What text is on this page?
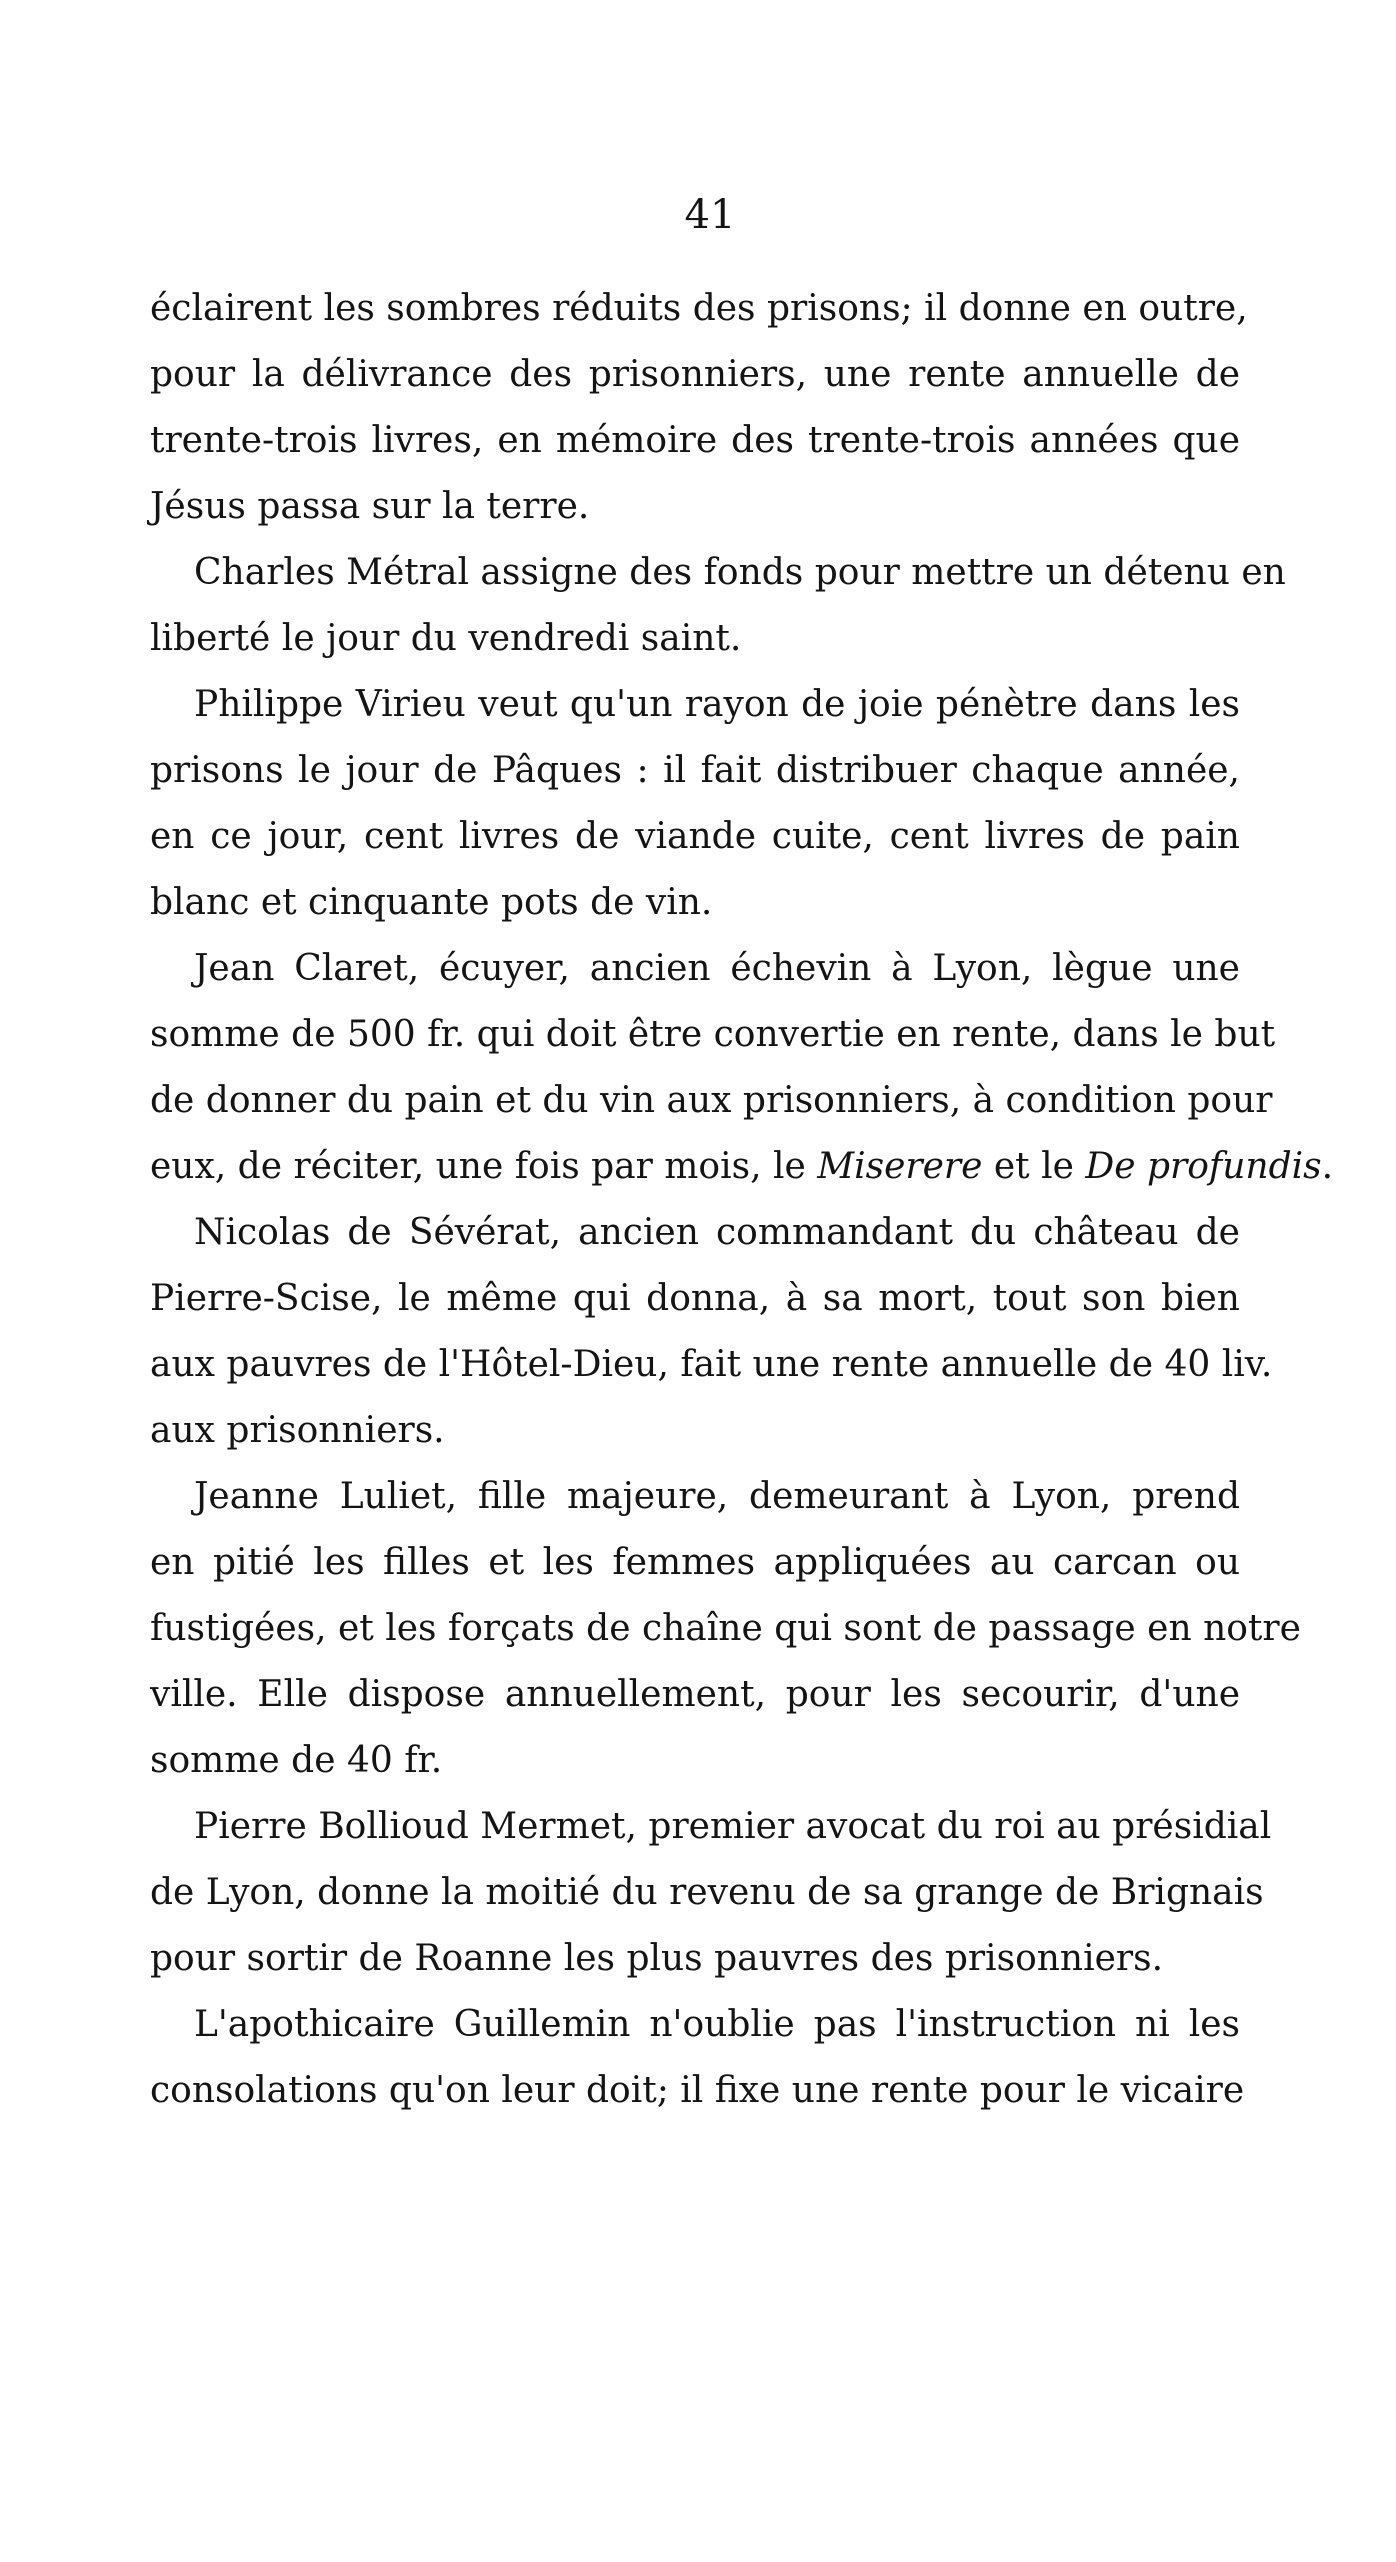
41
éclairent les sombres réduits des prisons; il donne en outre,
pour la délivrance des prisonniers, une rente annuelle de
trente-trois livres, en mémoire des trente-trois années que
Jésus passa sur la terre.
Charles Métral assigne des fonds pour mettre un détenu en
liberté le jour du vendredi saint.
Philippe Virieu veut qu'un rayon de joie pénètre dans les
prisons le jour de Pâques : il fait distribuer chaque année,
en ce jour, cent livres de viande cuite, cent livres de pain
blanc et cinquante pots de vin.
Jean Claret, écuyer, ancien échevin à Lyon, lègue une
somme de 500 fr. qui doit être convertie en rente, dans le but
de donner du pain et du vin aux prisonniers, à condition pour
eux, de réciter, une fois par mois, le Miserere et le De profundis.
Nicolas de Sévérat, ancien commandant du château de
Pierre-Scise, le même qui donna, à sa mort, tout son bien
aux pauvres de l'Hôtel-Dieu, fait une rente annuelle de 40 liv.
aux prisonniers.
Jeanne Luliet, fille majeure, demeurant à Lyon, prend
en pitié les filles et les femmes appliquées au carcan ou
fustigées, et les forçats de chaîne qui sont de passage en notre
ville. Elle dispose annuellement, pour les secourir, d'une
somme de 40 fr.
Pierre Bollioud Mermet, premier avocat du roi au présidial
de Lyon, donne la moitié du revenu de sa grange de Brignais
pour sortir de Roanne les plus pauvres des prisonniers.
L'apothicaire Guillemin n'oublie pas l'instruction ni les
consolations qu'on leur doit; il fixe une rente pour le vicaire
